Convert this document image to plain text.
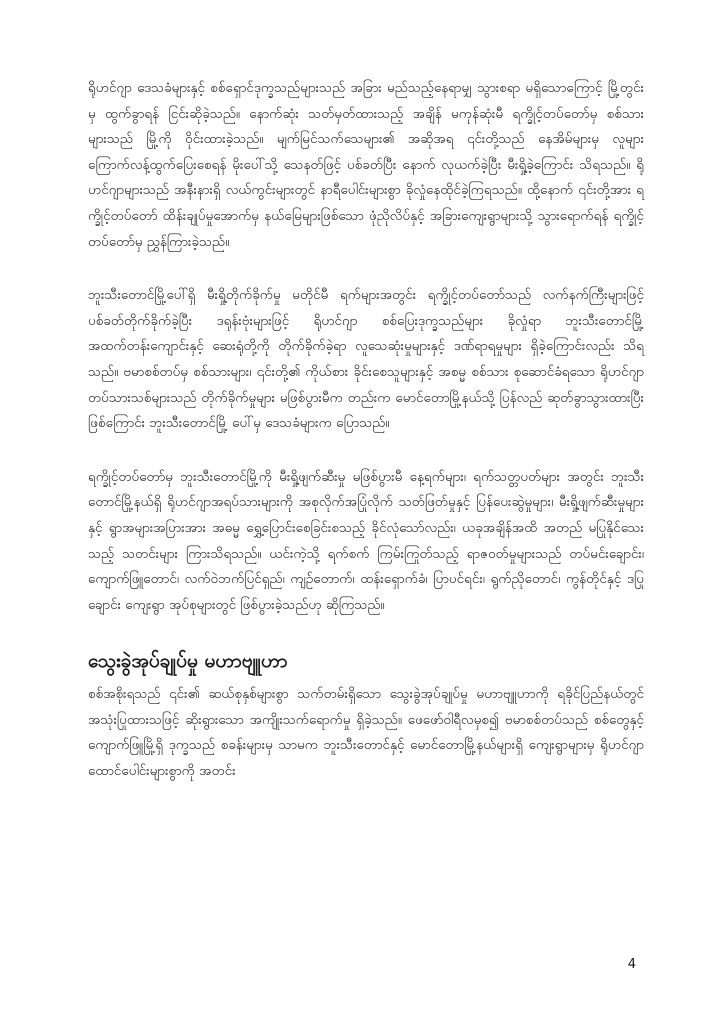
ရိုဟင်ဂျာ ဒေသခံများနှင့် စစ်ရှောင်ဒုက္ခသည်များသည် အခြား မည်သည့်နေရာမျှ သွားစရာ မရှိသောကြောင့် မြို့တွင်းမှ ထွက်ခွာရန် ငြင်းဆိုခဲ့သည်။ နောက်ဆုံး သတ်မှတ်ထားသည့် အချိန် မကုန်ဆုံးမီ ရက္ခိုင့်တပ်တော်မှ စစ်သားများသည် မြို့ကို ဝိုင်းထားခဲ့သည်။ မျက်မြင်သက်သေများ၏ အဆိုအရ ၎င်းတို့သည် နေအိမ်များမှ လူများ ကြောက်လန့်ထွက်ပြေးစေရန် မိုးပေါ်သို့ သေနတ်ဖြင့် ပစ်ခတ်ပြီး နောက် လုယက်ခဲ့ပြီး မီးရှို့ခဲ့ကြောင်း သိရသည်။ ရိုဟင်ဂျာများသည် အနီးနားရှိ လယ်ကွင်းများတွင် နာရီပေါင်းများစွာ ခိုလှုံနေထိုင်ခဲ့ကြရသည်။ ထို့နောက် ၎င်းတို့အား ရက္ခိုင့်တပ်တော် ထိန်းချုပ်မှုအောက်မှ နယ်မြေများဖြစ်သော ဖုံညိုလိပ်နှင့် အခြားကျေးရွာများသို့ သွားရောက်ရန် ရက္ခိုင့်တပ်တော်မှ ညွှန်ကြားခဲ့သည်။

ဘူးသီးတောင်မြို့ပေါ်ရှိ မီးရှို့တိုက်ခိုက်မှု မတိုင်မီ ရက်များအတွင်း ရက္ခိုင့်တပ်တော်သည် လက်နက်ကြီးများဖြင့် ပစ်ခတ်တိုက်ခိုက်ခဲ့ပြီး ဒရုန်းဗုံးများဖြင့် ရိုဟင်ဂျာ စစ်ပြေးဒုက္ခသည်များ ခိုလှုံရာ ဘူးသီးတောင်မြို့ အထက်တန်းကျောင်းနှင့် ဆေးရုံတို့ကို တိုက်ခိုက်ခဲ့ရာ လူသေဆုံးမှုများနှင့် ဒဏ်ရာရမှုများ ရှိခဲ့ကြောင်းလည်း သိရသည်။ ဗမာစစ်တပ်မှ စစ်သားများ၊ ၎င်းတို့၏ ကိုယ်စား ခိုင်းစေသူများနှင့် အစမ္မ စစ်သား စုဆောင်ခံရသော ရိုဟင်ဂျာ တပ်သားသစ်များသည် တိုက်ခိုက်မှုများ မဖြစ်ပွားမီက တည်းက မောင်တောမြို့နယ်သို့ ပြန်လည် ဆုတ်ခွာသွားထားပြီး ဖြစ်ကြောင်း ဘူးသီးတောင်မြို့ ပေါ်မှ ဒေသခံများက ပြောသည်။

ရက္ခိုင့်တပ်တော်မှ ဘူးသီးတောင်မြို့ကို မီးရှို့ဖျက်ဆီးမှု မဖြစ်ပွားမီ နေ့ရက်များ၊ ရက်သတ္တပတ်များ အတွင်း ဘူးသီးတောင်မြို့နယ်ရှိ ရိုဟင်ဂျာအရပ်သားများကို အစုလိုက်အပြုံလိုက် သတ်ဖြတ်မှုနှင့် ပြန်ပေးဆွဲမှုများ၊ မီးရှို့ဖျက်ဆီးမှုများနှင့် ရွာအများအပြားအား အဓမ္မ ရွှေ့ပြောင်းစေခြင်းစသည့် ခိုင်လုံသော်လည်း၊ ယခုအချိန်အထိ အတည် မပြုနိုင်သေးသည့် သတင်းများ ကြားသိရသည်။ ယင်းကဲ့သို့ ရက်စက် ကြမ်းကြုတ်သည့် ရာဇဝတ်မှုများသည် တပ်မင်းချောင်း၊ ကျောက်ဖြူတောင်၊ လက်ဝဲဘက်ပြင်ရှည်၊ ကျဉ်တောက်၊ ထန်းရှောက်ခံ၊ ပြာပင်ရင်း၊ ရွက်ညိုတောင်၊ ကွန်တိုင်နှင့် ဒပြုချောင်း ကျေးရွာ အုပ်စုများတွင် ဖြစ်ပွားခဲ့သည်ဟု ဆိုကြသည်။

သွေးခွဲအုပ်ချုပ်မှု မဟာဗျူဟာ

စစ်အစိုးရသည် ၎င်း၏ ဆယ်စုနှစ်များစွာ သက်တမ်းရှိသော သွေးခွဲအုပ်ချုပ်မှု မဟာဗျူဟာကို ရခိုင်ပြည်နယ်တွင် အသုံးပြုထားသဖြင့် ဆိုးရွားသော အကျိုးသက်ရောက်မှု ရှိခဲ့သည်။ ဖေဖော်ဝါရီလမှစ၍ ဗမာစစ်တပ်သည် စစ်တွေနှင့် ကျောက်ဖြူမြို့ရှိ ဒုက္ခသည် စခန်းများမှ သာမက ဘူးသီးတောင်နှင့် မောင်တောမြို့နယ်များရှိ ကျေးရွာများမှ ရိုဟင်ဂျာ ထောင်ပေါင်းများစွာကို အတင်း

4
